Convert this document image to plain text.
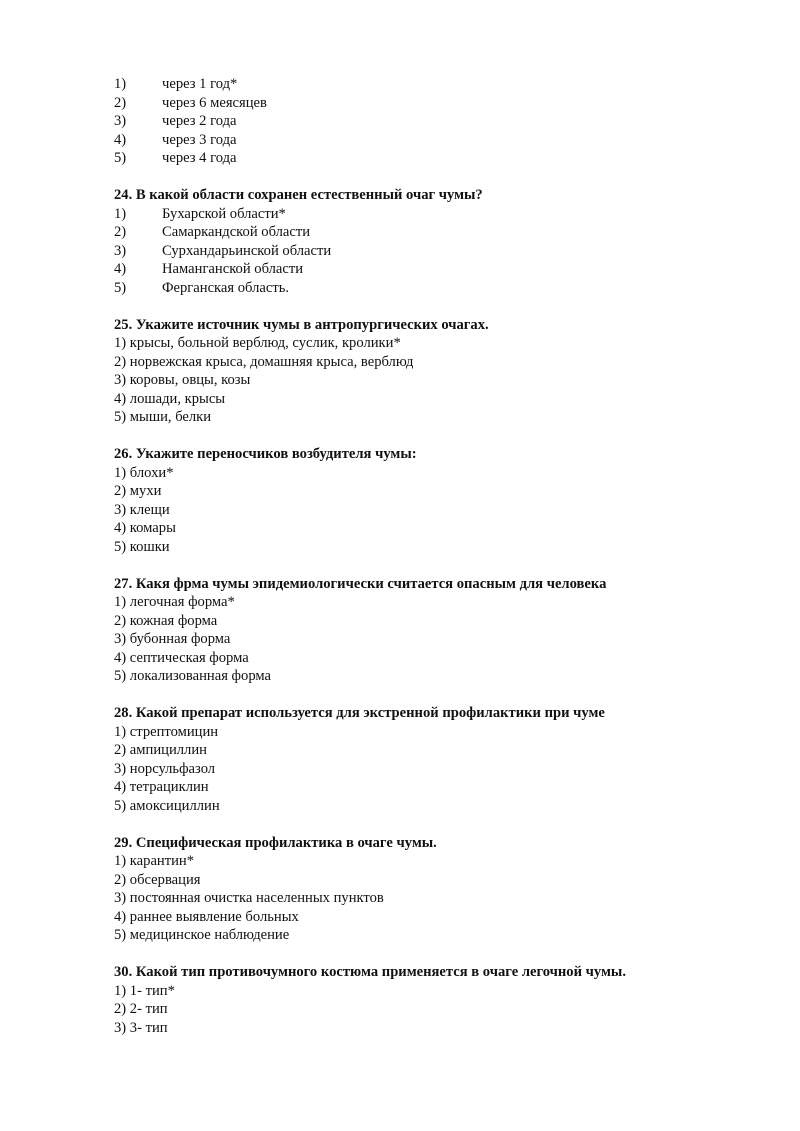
1) через 1 год*
2) через 6 меясяцев
3) через 2 года
4) через 3 года
5) через 4 года
24. В какой области сохранен естественный очаг чумы?
1) Бухарской области*
2) Самаркандской области
3) Сурхандарьинской области
4) Наманганской области
5) Ферганская область.
25. Укажите источник чумы в антропургических очагах.
1) крысы, больной верблюд, суслик, кролики*
2) норвежская крыса, домашняя крыса, верблюд
3) коровы, овцы, козы
4) лошади, крысы
5) мыши, белки
26. Укажите переносчиков возбудителя чумы:
1) блохи*
2) мухи
3) клещи
4) комары
5) кошки
27. Какя фрма чумы эпидемиологически считается опасным для человека
1) легочная форма*
2) кожная форма
3) бубонная форма
4) септическая форма
5) локализованная форма
28. Какой препарат используется для экстренной профилактики при чуме
1) стрептомицин
2) ампициллин
3) норсульфазол
4) тетрациклин
5) амоксициллин
29. Специфическая профилактика в очаге чумы.
1) карантин*
2) обсервация
3) постоянная очистка населенных пунктов
4) раннее выявление больных
5) медицинское наблюдение
30. Какой тип противочумного костюма применяется в очаге легочной чумы.
1) 1- тип*
2) 2- тип
3) 3- тип
